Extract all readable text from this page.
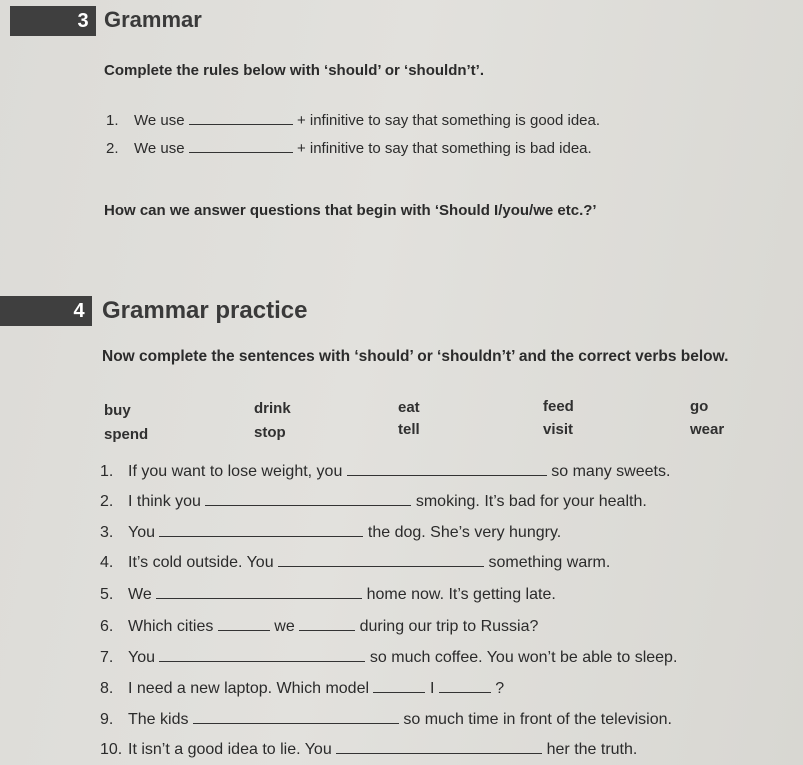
3 Grammar
Complete the rules below with ‘should’ or ‘shouldn’t’.
1. We use	+ infinitive to say that something is good idea.
2. We use	+ infinitive to say that something is bad idea.
How can we answer questions that begin with ‘Should I/you/we etc.?’
4 Grammar practice
Now complete the sentences with ‘should’ or ‘shouldn’t’ and the correct verbs below.
buy	drink	eat	feed	go
spend	stop	tell	visit	wear
1. If you want to lose weight, you	so many sweets.
2. I think you	smoking. It’s bad for your health.
3. You	the dog. She’s very hungry.
4. It’s cold outside. You	something warm.
5. We	home now. It’s getting late.
6. Which cities	we	during our trip to Russia?
7. You	so much coffee. You won’t be able to sleep.
8. I need a new laptop. Which model	I	?
9. The kids	so much time in front of the television.
10. It isn’t a good idea to lie. You	her the truth.
